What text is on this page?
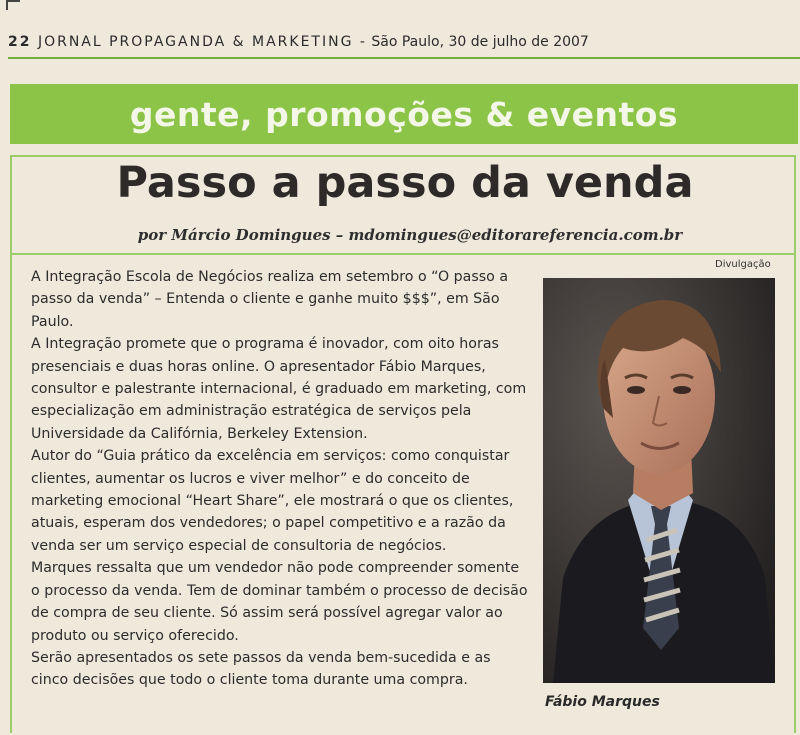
22 JORNAL PROPAGANDA & MARKETING - São Paulo, 30 de julho de 2007
gente, promoções & eventos
Passo a passo da venda
por Márcio Domingues – mdomingues@editorareferencia.com.br

A Integração Escola de Negócios realiza em setembro o “O passo a passo da venda” – Entenda o cliente e ganhe muito $$$”, em São Paulo.

A Integração promete que o programa é inovador, com oito horas presenciais e duas horas online. O apresentador Fábio Marques, consultor e palestrante internacional, é graduado em marketing, com especialização em administração estratégica de serviços pela Universidade da Califórnia, Berkeley Extension.

Autor do “Guia prático da excelência em serviços: como conquistar clientes, aumentar os lucros e viver melhor” e do conceito de marketing emocional “Heart Share”, ele mostrará o que os clientes, atuais, esperam dos vendedores; o papel competitivo e a razão da venda ser um serviço especial de consultoria de negócios.

Marques ressalta que um vendedor não pode compreender somente o processo da venda. Tem de dominar também o processo de decisão de compra de seu cliente. Só assim será possível agregar valor ao produto ou serviço oferecido.

Serão apresentados os sete passos da venda bem-sucedida e as cinco decisões que todo o cliente toma durante uma compra.

Divulgação
Fábio Marques
